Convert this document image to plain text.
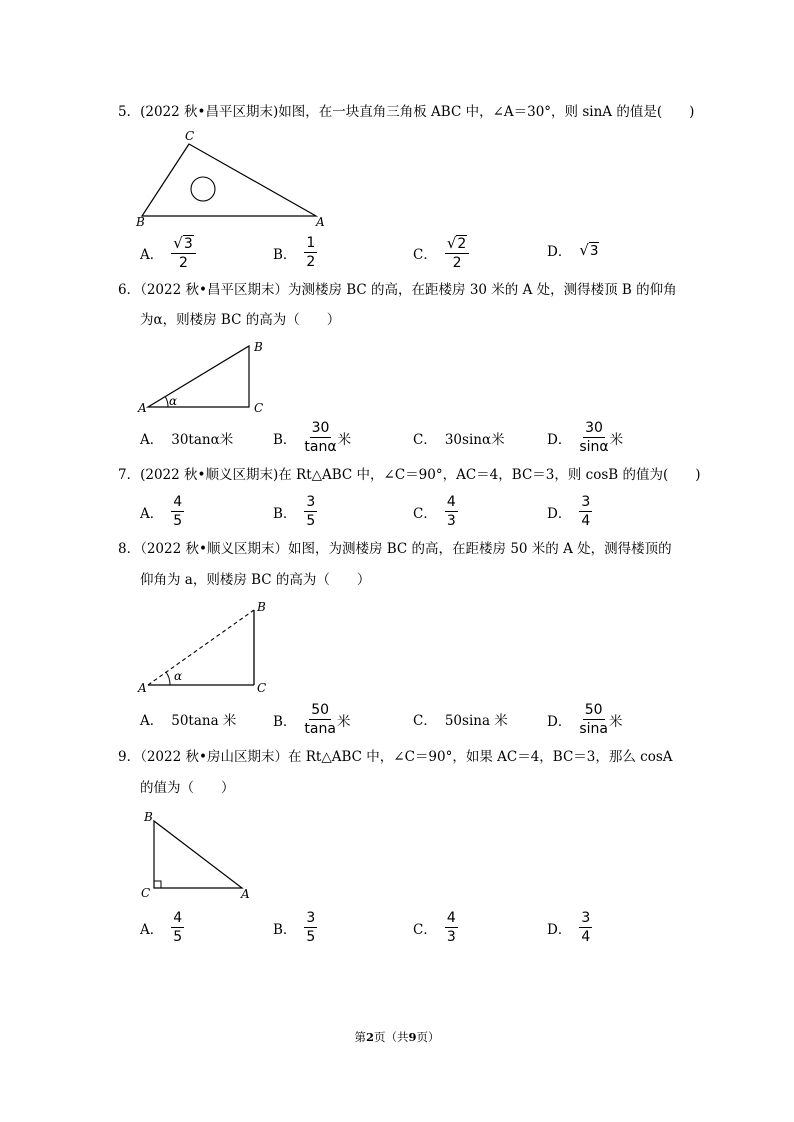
5．(2022 秋•昌平区期末)如图，在一块直角三角板 ABC 中，∠A＝30°，则 sinA 的值是(　　)
C
B	A
A． $\frac{√ 3}{2}$	B． $\frac{1}{2}$	C． $\frac{√ 2}{2}$	D． √ 3
6．（2022 秋•昌平区期末）为测楼房 BC 的高，在距楼房 30 米的 A 处，测得楼顶 B 的仰角
为α，则楼房 BC 的高为（　　）
B
A	C
α
A． 30tanα米	B． $\frac{30}{\tan\alpha}$ 米	C． 30sinα米	D． $\frac{30}{\sin\alpha}$ 米
7．(2022 秋•顺义区期末)在 Rt△ABC 中，∠C＝90°，AC＝4，BC＝3，则 cosB 的值为(　　)
A． $\frac{4}{5}$	B． $\frac{3}{5}$	C． $\frac{4}{3}$	D． $\frac{3}{4}$
8．（2022 秋•顺义区期末）如图，为测楼房 BC 的高，在距楼房 50 米的 A 处，测得楼顶的
仰角为 a，则楼房 BC 的高为（　　）
B
A	C
α
A． 50tana 米	B． $\frac{50}{\tan a}$ 米	C． 50sina 米	D． $\frac{50}{\sin a}$ 米
9．（2022 秋•房山区期末）在 Rt△ABC 中，∠C＝90°，如果 AC＝4，BC＝3，那么 cosA
的值为（　　）
B
C	A
A． $\frac{4}{5}$	B． $\frac{3}{5}$	C． $\frac{4}{3}$	D． $\frac{3}{4}$
第2页（共9页）
